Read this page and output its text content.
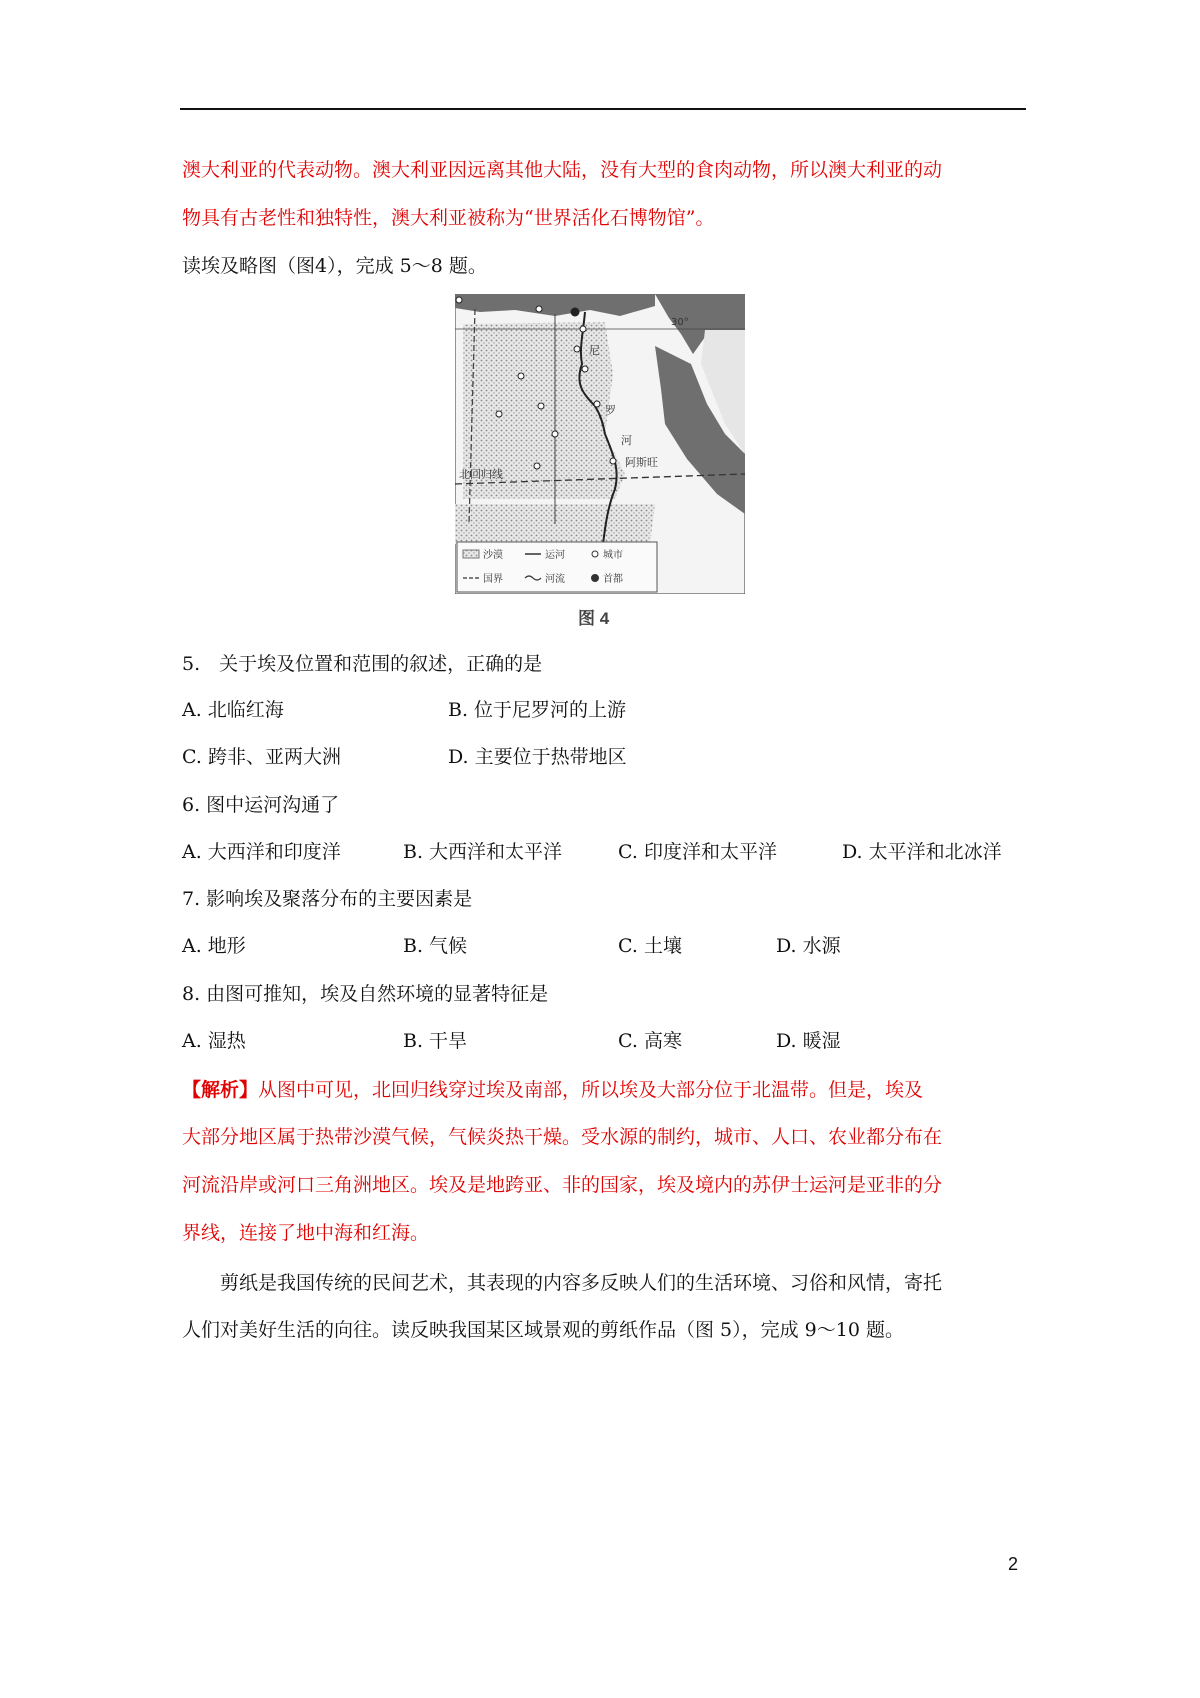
澳大利亚的代表动物。澳大利亚因远离其他大陆，没有大型的食肉动物，所以澳大利亚的动
物具有古老性和独特性，澳大利亚被称为“世界活化石博物馆”。
读埃及略图（图4），完成 5～8 题。
30°
北回归线
阿斯旺
尼
罗
河
沙漠	运河	城市
国界	河流	首都
图 4
5.　关于埃及位置和范围的叙述，正确的是
A. 北临红海	B. 位于尼罗河的上游
C. 跨非、亚两大洲	D. 主要位于热带地区
6. 图中运河沟通了
A. 大西洋和印度洋	B. 大西洋和太平洋	C. 印度洋和太平洋	D. 太平洋和北冰洋
7. 影响埃及聚落分布的主要因素是
A. 地形	B. 气候	C. 土壤	D. 水源
8. 由图可推知，埃及自然环境的显著特征是
A. 湿热	B. 干旱	C. 高寒	D. 暖湿
【解析】从图中可见，北回归线穿过埃及南部，所以埃及大部分位于北温带。但是，埃及
大部分地区属于热带沙漠气候，气候炎热干燥。受水源的制约，城市、人口、农业都分布在
河流沿岸或河口三角洲地区。埃及是地跨亚、非的国家，埃及境内的苏伊士运河是亚非的分
界线，连接了地中海和红海。
剪纸是我国传统的民间艺术，其表现的内容多反映人们的生活环境、习俗和风情，寄托
人们对美好生活的向往。读反映我国某区域景观的剪纸作品（图 5），完成 9～10 题。
2
